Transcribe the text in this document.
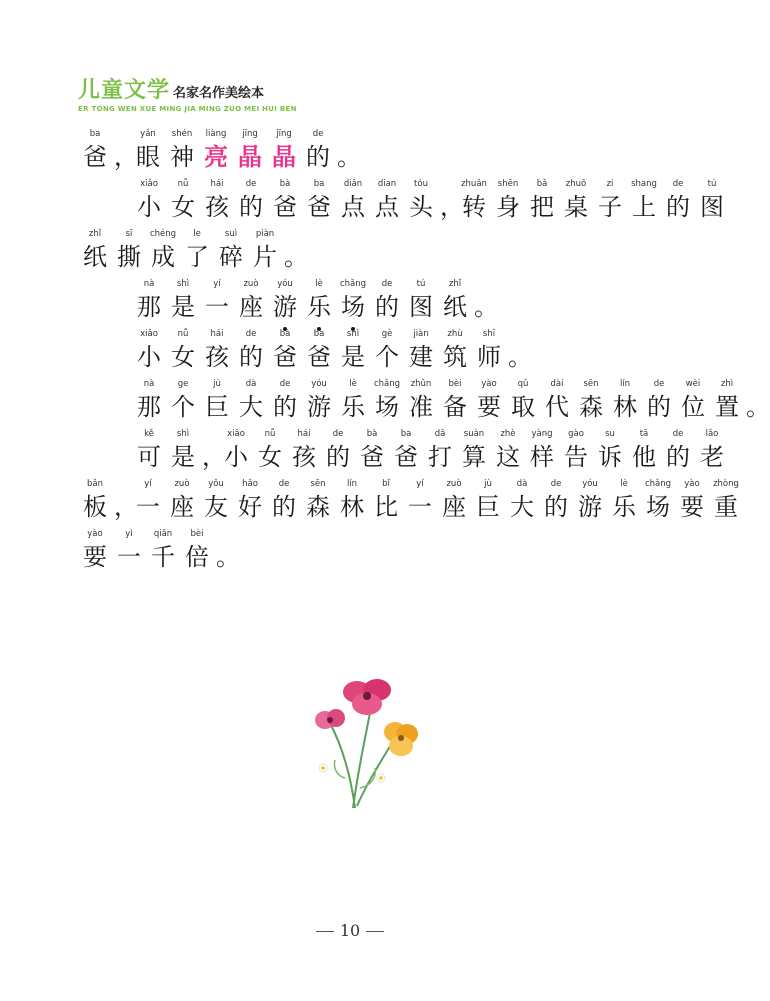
儿童文学 名家名作美绘本
ER TONG WEN XUE MING JIA MING ZUO MEI HUI BEN
ba
爸 ，
yǎn
眼
shén
神
liàng
亮
jīng
晶
jīng
晶
de
的 。
xiǎo
小
nǚ
女
hái
孩
de
的
bà
爸
ba
爸
diǎn
点
dian
点
tóu
头 ，
zhuǎn
转
shēn
身
bǎ
把
zhuō
桌
zi
子
shang
上
de
的
tú
图
zhǐ
纸
sī
撕
chéng
成
le
了
suì
碎
piàn
片 。
nà
那
shì
是
yí
一
zuò
座
yóu
游
lè
乐
chǎng
场
de
的
tú
图
zhǐ
纸 。
xiǎo
小
nǚ
女
hái
孩
de
的
bà
爸
ba
爸
shì
是
gè
个
jiàn
建
zhù
筑
shī
师 。
nà
那
ge
个
jù
巨
dà
大
de
的
yóu
游
lè
乐
chǎng
场
zhǔn
准
bèi
备
yào
要
qǔ
取
dài
代
sēn
森
lín
林
de
的
wèi
位
zhì
置 。
kě
可
shì
是 ，
xiǎo
小
nǚ
女
hái
孩
de
的
bà
爸
ba
爸
dǎ
打
suàn
算
zhè
这
yàng
样
gào
告
su
诉
tā
他
de
的
lǎo
老
bǎn
板 ，
yí
一
zuò
座
yǒu
友
hǎo
好
de
的
sēn
森
lín
林
bǐ
比
yí
一
zuò
座
jù
巨
dà
大
de
的
yóu
游
lè
乐
chǎng
场
yào
要
zhòng
重
yào
要
yì
一
qiān
千
bèi
倍 。
10
